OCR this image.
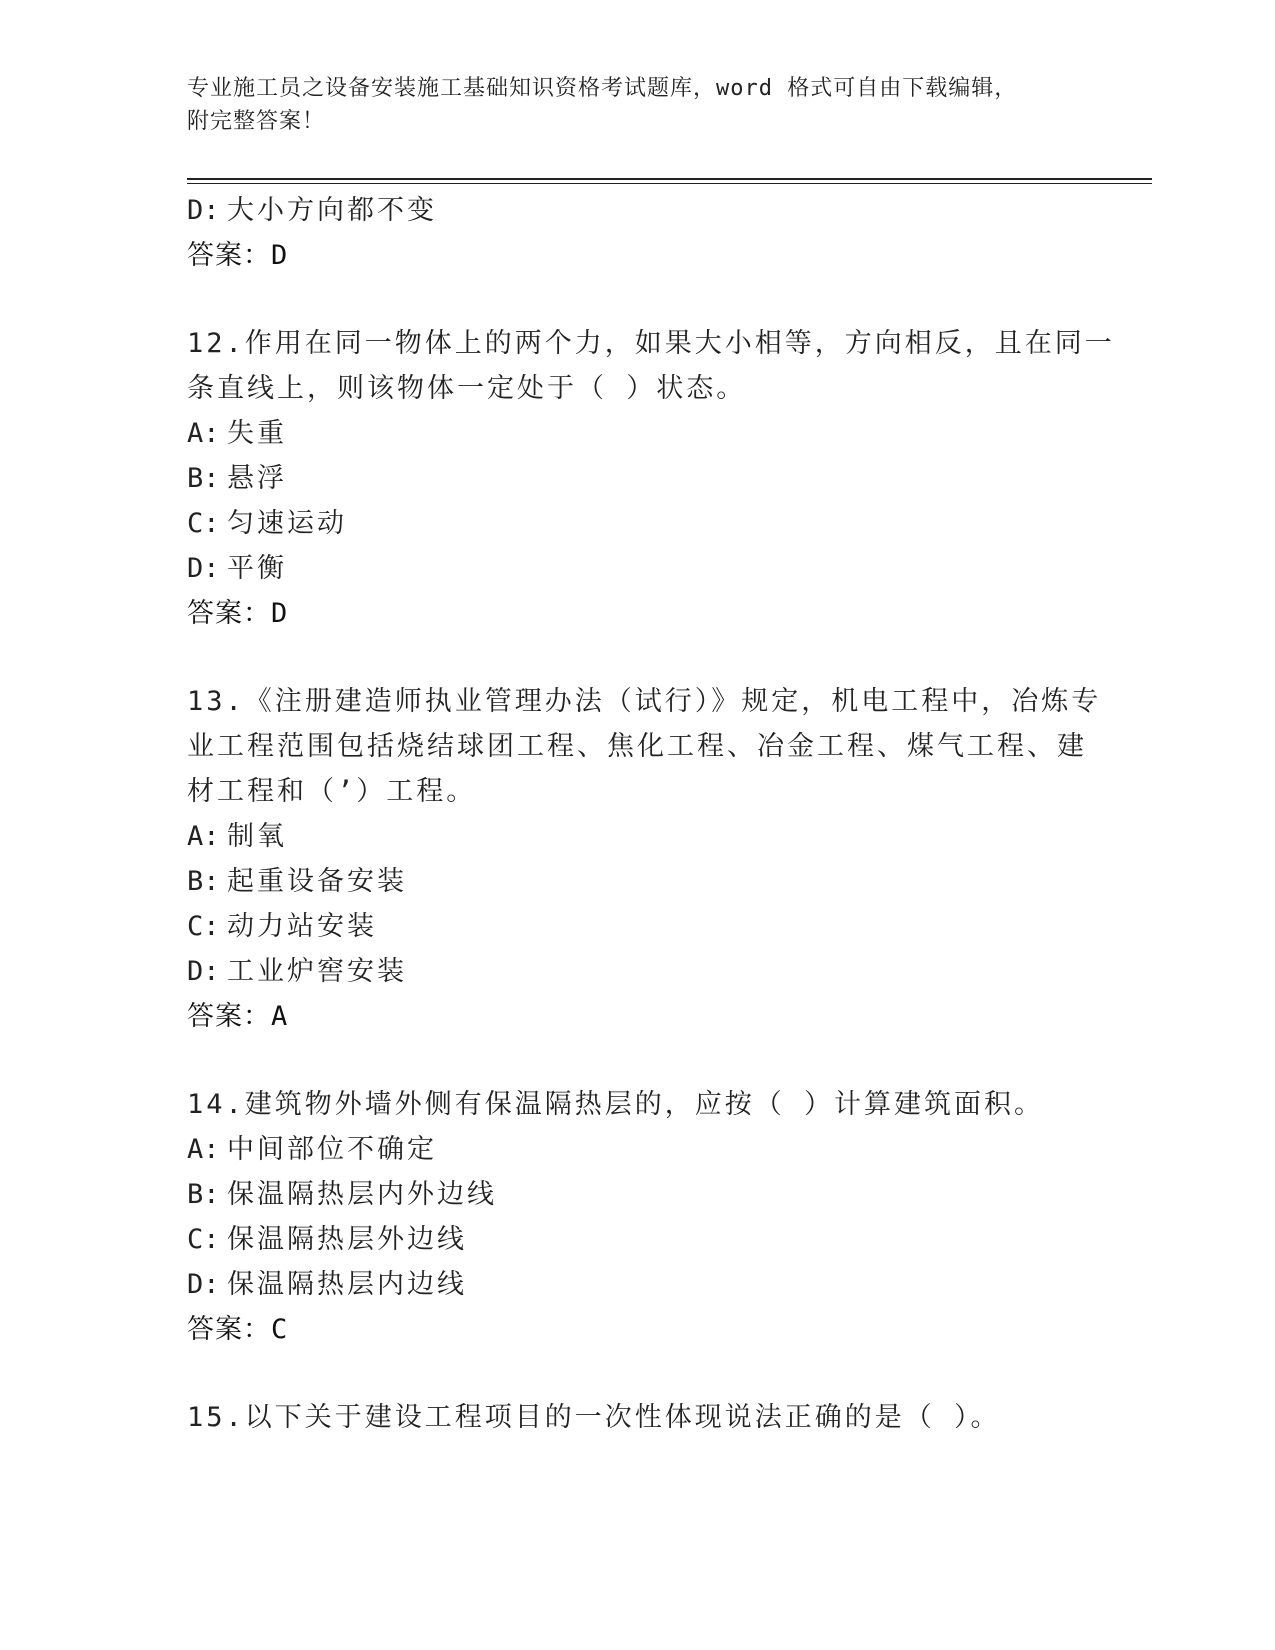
专业施工员之设备安装施工基础知识资格考试题库，word 格式可自由下载编辑，
附完整答案！
D: 大小方向都不变
答案：D
12.作用在同一物体上的两个力，如果大小相等，方向相反，且在同一
条直线上，则该物体一定处于（ ）状态。
A: 失重
B: 悬浮
C: 匀速运动
D: 平衡
答案：D
13.《注册建造师执业管理办法（试行）》规定，机电工程中，冶炼专
业工程范围包括烧结球团工程、焦化工程、冶金工程、煤气工程、建
材工程和（’）工程。
A: 制氧
B: 起重设备安装
C: 动力站安装
D: 工业炉窖安装
答案：A
14.建筑物外墙外侧有保温隔热层的，应按（ ）计算建筑面积。
A: 中间部位不确定
B: 保温隔热层内外边线
C: 保温隔热层外边线
D: 保温隔热层内边线
答案：C
15.以下关于建设工程项目的一次性体现说法正确的是（ ）。
